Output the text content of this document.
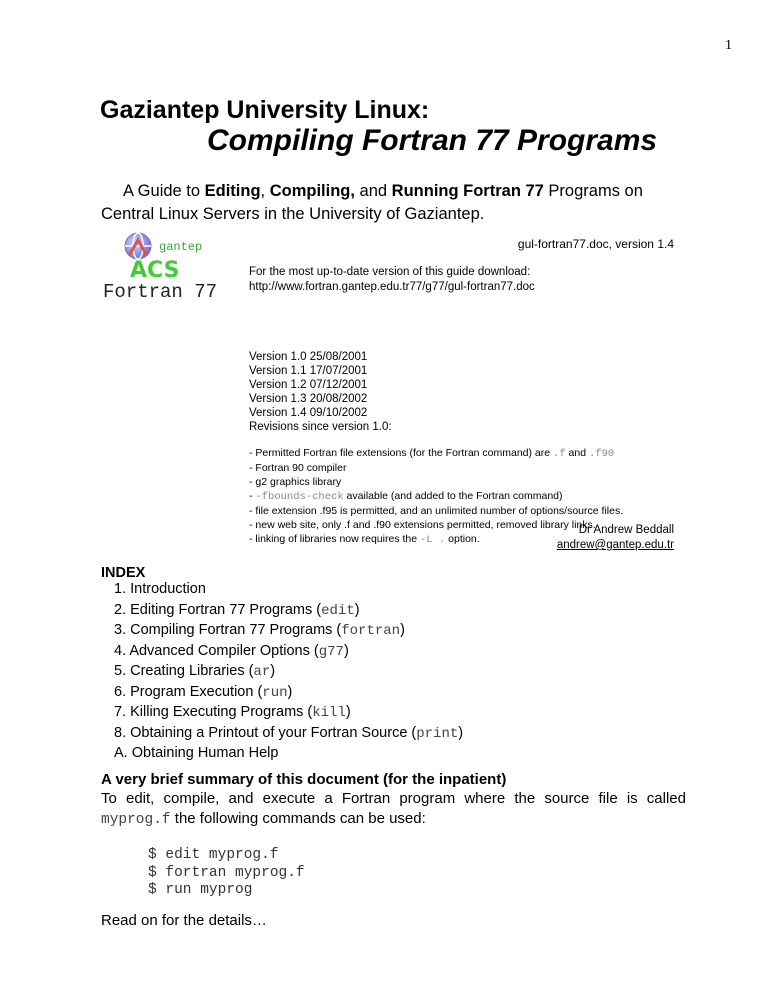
1
Gaziantep University Linux:
Compiling Fortran 77 Programs
A Guide to Editing, Compiling, and Running Fortran 77 Programs on
Central Linux Servers in the University of Gaziantep.
gantep
ACS
Fortran 77
gul-fortran77.doc, version 1.4
For the most up-to-date version of this guide download:
http://www.fortran.gantep.edu.tr77/g77/gul-fortran77.doc
Version 1.0 25/08/2001
Version 1.1 17/07/2001
Version 1.2 07/12/2001
Version 1.3 20/08/2002
Version 1.4 09/10/2002
Revisions since version 1.0:
- Permitted Fortran file extensions (for the Fortran command) are .f and .f90
- Fortran 90 compiler
- g2 graphics library
- -fbounds-check available (and added to the Fortran command)
- file extension .f95 is permitted, and an unlimited number of options/source files.
- new web site, only .f and .f90 extensions permitted, removed library links.
- linking of libraries now requires the -L . option.
Dr Andrew Beddall
andrew@gantep.edu.tr
INDEX
1. Introduction
2. Editing Fortran 77 Programs (edit)
3. Compiling Fortran 77 Programs (fortran)
4. Advanced Compiler Options (g77)
5. Creating Libraries (ar)
6. Program Execution (run)
7. Killing Executing Programs (kill)
8. Obtaining a Printout of your Fortran Source (print)
A. Obtaining Human Help
A very brief summary of this document (for the inpatient)
To edit, compile, and execute a Fortran program where the source file is called myprog.f the following commands can be used:
$ edit myprog.f
$ fortran myprog.f
$ run myprog
Read on for the details…
